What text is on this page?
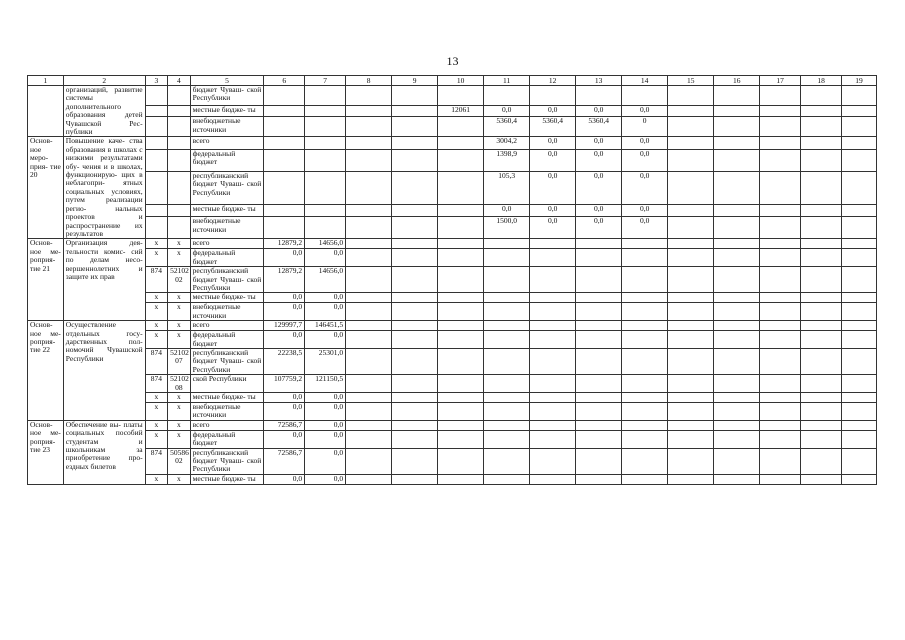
13
1	2	3	4	5	6	7	8	9	10	11	12	13	14	15	16	17	18	19
	организаций, развитие системы дополнительного образования детей Чувашской Рес- публики			бюджет Чуваш- ской Республики														
				местные бюдже- ты					12061	0,0	0,0	0,0	0,0					
				внебюджетные источники						5360,4	5360,4	5360,4	0					
Основ- ное меро- прия- тие 20	Повышение каче- ства образования в школах с низкими результатами обу- чения и в школах, функционирую- щих в неблагопри- ятных социальных условиях, путем реализации регио- нальных проектов и распространение их результатов			всего						3004,2	0,0	0,0	0,0					
				федеральный бюджет						1398,9	0,0	0,0	0,0					
				республиканский бюджет Чуваш- ской Республики						105,3	0,0	0,0	0,0					
				местные бюдже- ты						0,0	0,0	0,0	0,0					
				внебюджетные источники						1500,0	0,0	0,0	0,0					
Основ- ное ме- роприя- тие 21	Организация дея- тельности комис- сий по делам несо- вершеннолетних и защите их прав	x	x	всего	12879,2	14656,0												
		x	x	федеральный бюджет	0,0	0,0												
		874	52102 02	республиканский бюджет Чуваш- ской Республики	12879,2	14656,0												
		x	x	местные бюдже- ты	0,0	0,0												
		x	x	внебюджетные источники	0,0	0,0												
Основ- ное ме- роприя- тие 22	Осуществление отдельных госу- дарственных пол- номочий Чувашской Республики	x	x	всего	129997,7	146451,5												
		x	x	федеральный бюджет	0,0	0,0												
		874	52102 07	республиканский бюджет Чуваш- ской Республики	22238,5	25301,0												
		874	52102 08	ской Республики	107759,2	121150,5												
		x	x	местные бюдже- ты	0,0	0,0												
		x	x	внебюджетные источники	0,0	0,0												
Основ- ное ме- роприя- тие 23	Обеспечение вы- платы социальных пособий студентам и школьникам за приобретение про- ездных билетов	x	x	всего	72586,7	0,0												
		x	x	федеральный бюджет	0,0	0,0												
		874	50586 02	республиканский бюджет Чуваш- ской Республики	72586,7	0,0												
		x	x	местные бюдже- ты	0,0	0,0												
